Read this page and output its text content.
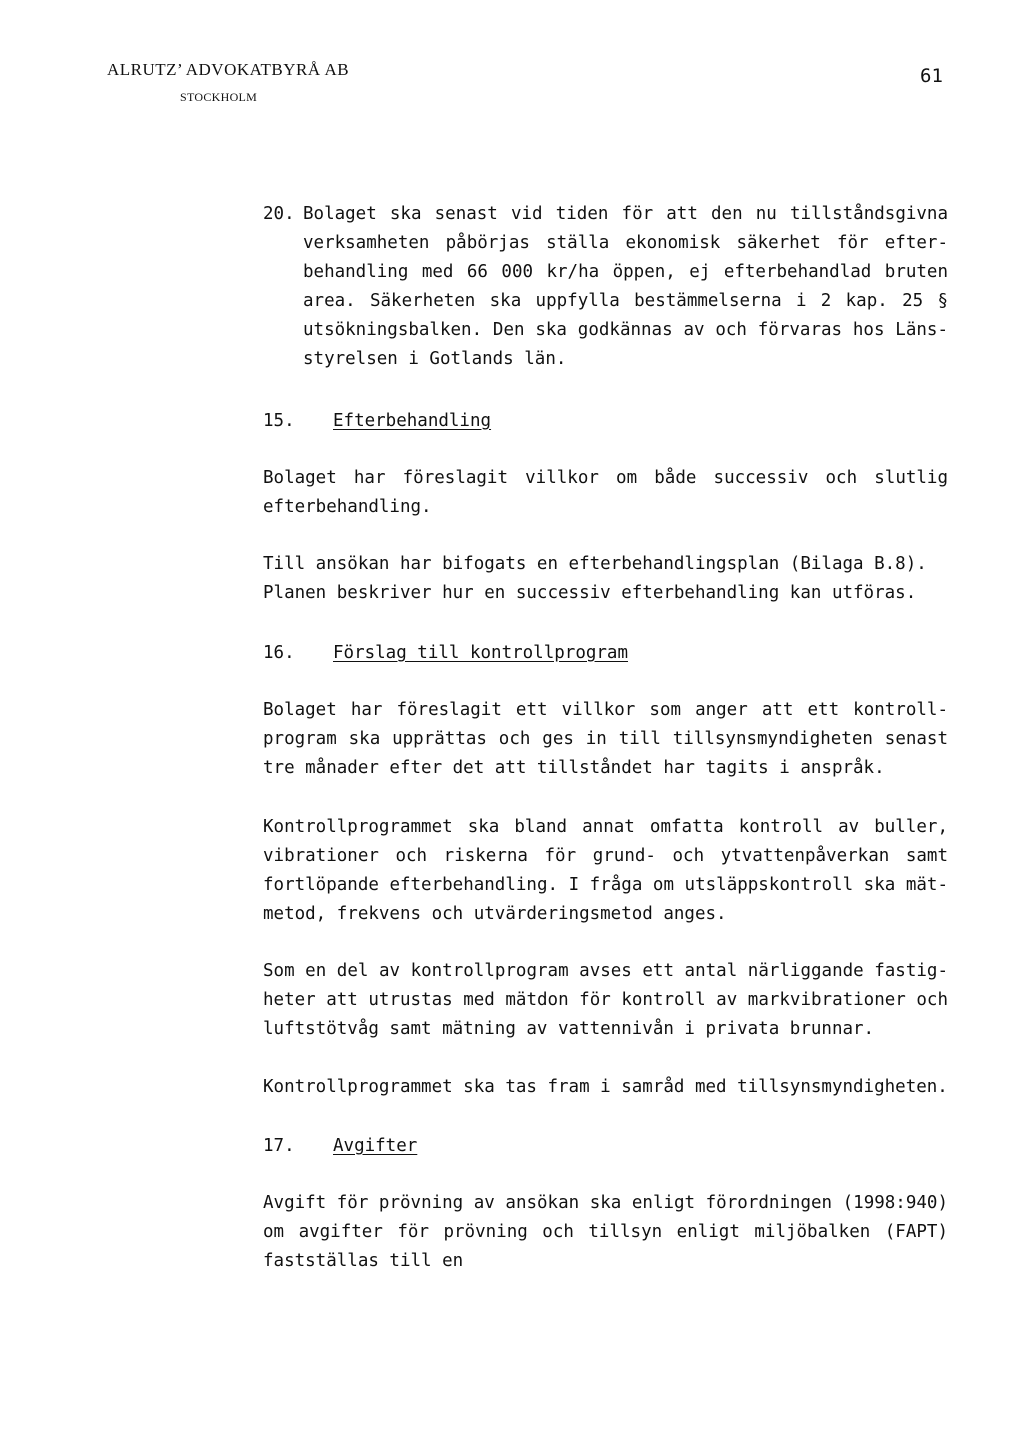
ALRUTZ’ ADVOKATBYRÅ AB
STOCKHOLM
61
20. Bolaget ska senast vid tiden för att den nu tillståndsgivna
verksamheten påbörjas ställa ekonomisk säkerhet för efter-
behandling med 66 000 kr/ha öppen, ej efterbehandlad bruten
area. Säkerheten ska uppfylla bestämmelserna i 2 kap. 25 §
utsökningsbalken. Den ska godkännas av och förvaras hos Läns-
styrelsen i Gotlands län.
15. Efterbehandling
Bolaget har föreslagit villkor om både successiv och slutlig
efterbehandling.
Till ansökan har bifogats en efterbehandlingsplan (Bilaga B.8).
Planen beskriver hur en successiv efterbehandling kan utföras.
16. Förslag till kontrollprogram
Bolaget har föreslagit ett villkor som anger att ett kontroll-
program ska upprättas och ges in till tillsynsmyndigheten senast
tre månader efter det att tillståndet har tagits i anspråk.
Kontrollprogrammet ska bland annat omfatta kontroll av buller,
vibrationer och riskerna för grund- och ytvattenpåverkan samt
fortlöpande efterbehandling. I fråga om utsläppskontroll ska mät-
metod, frekvens och utvärderingsmetod anges.
Som en del av kontrollprogram avses ett antal närliggande fastig-
heter att utrustas med mätdon för kontroll av markvibrationer och
luftstötvåg samt mätning av vattennivån i privata brunnar.
Kontrollprogrammet ska tas fram i samråd med tillsynsmyndigheten.
17. Avgifter
Avgift för prövning av ansökan ska enligt förordningen (1998:940)
om avgifter för prövning och tillsyn enligt miljöbalken (FAPT)
fastställas till en
